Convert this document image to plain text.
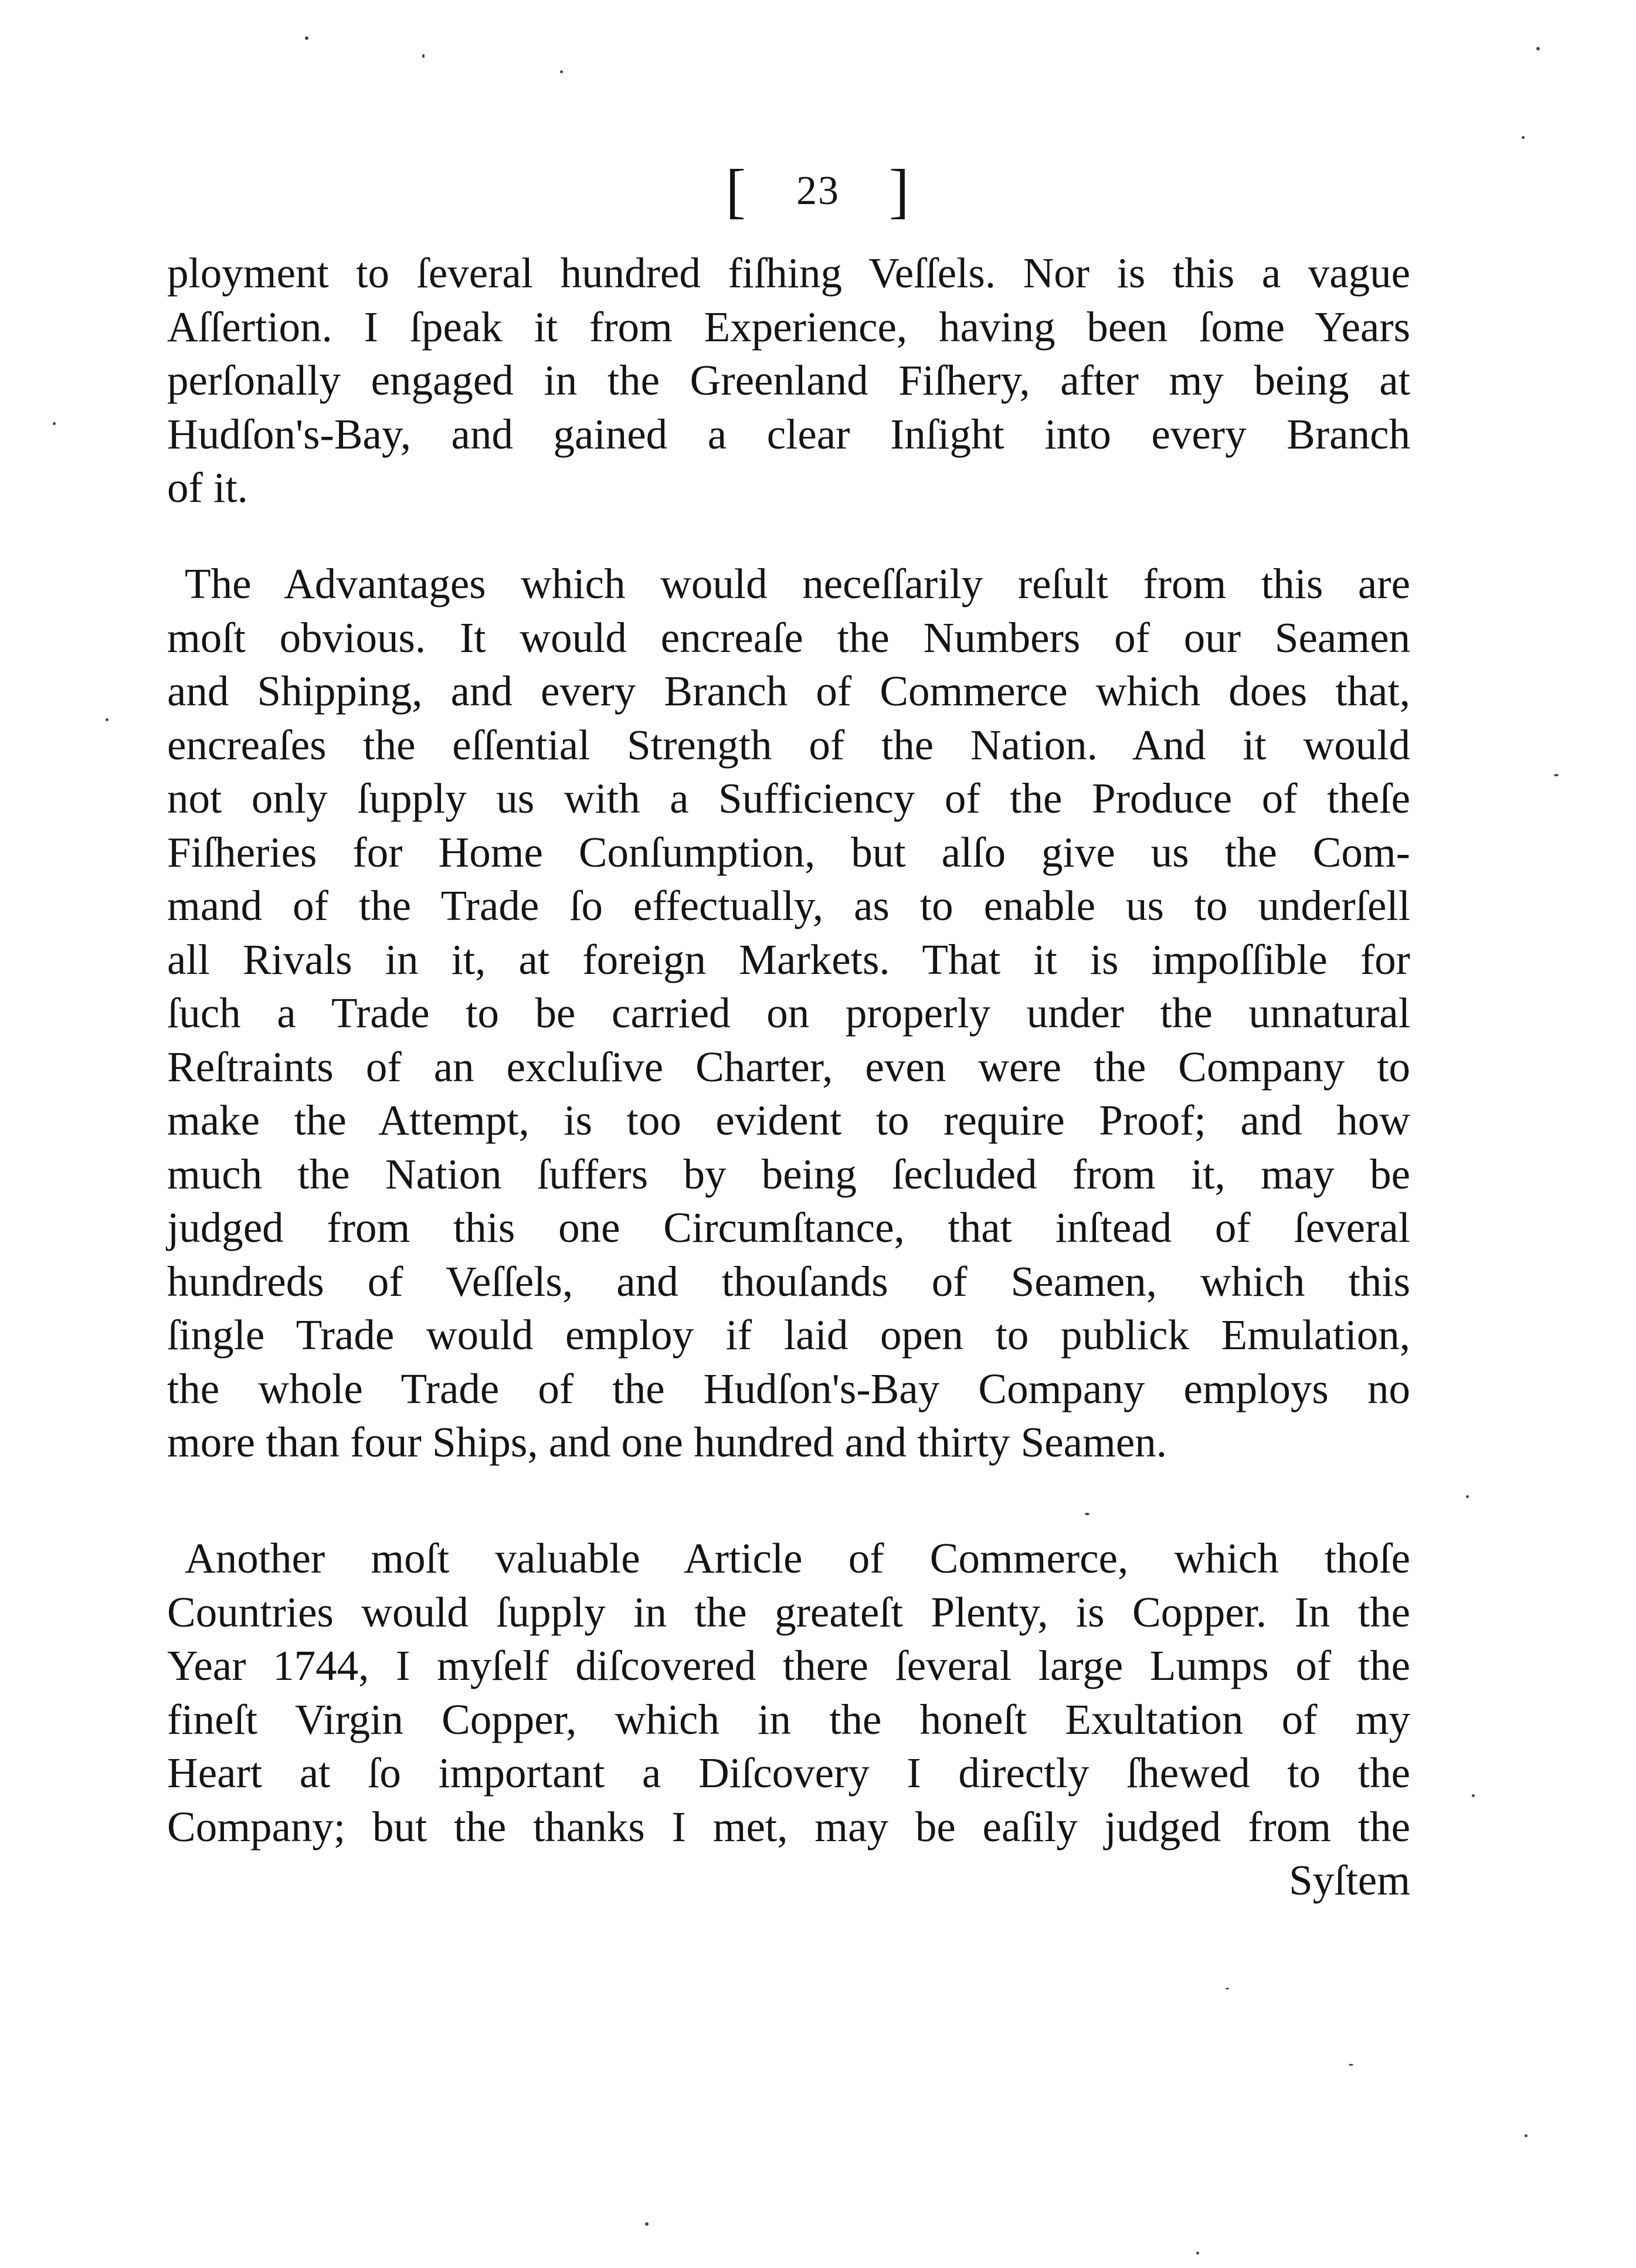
[ 23 ]
ployment to ſeveral hundred fiſhing Veſſels. Nor is this a vague
Aſſertion. I ſpeak it from Experience, having been ſome Years
perſonally engaged in the Greenland Fiſhery, after my being at
Hudſon's-Bay, and gained a clear Inſight into every Branch
of it.
The Advantages which would neceſſarily reſult from this are
moſt obvious. It would encreaſe the Numbers of our Seamen
and Shipping, and every Branch of Commerce which does that,
encreaſes the eſſential Strength of the Nation. And it would
not only ſupply us with a Sufficiency of the Produce of theſe
Fiſheries for Home Conſumption, but alſo give us the Com-
mand of the Trade ſo effectually, as to enable us to underſell
all Rivals in it, at foreign Markets. That it is impoſſible for
ſuch a Trade to be carried on properly under the unnatural
Reſtraints of an excluſive Charter, even were the Company to
make the Attempt, is too evident to require Proof; and how
much the Nation ſuffers by being ſecluded from it, may be
judged from this one Circumſtance, that inſtead of ſeveral
hundreds of Veſſels, and thouſands of Seamen, which this
ſingle Trade would employ if laid open to publick Emulation,
the whole Trade of the Hudſon's-Bay Company employs no
more than four Ships, and one hundred and thirty Seamen.
Another moſt valuable Article of Commerce, which thoſe
Countries would ſupply in the greateſt Plenty, is Copper. In the
Year 1744, I myſelf diſcovered there ſeveral large Lumps of the
fineſt Virgin Copper, which in the honeſt Exultation of my
Heart at ſo important a Diſcovery I directly ſhewed to the
Company; but the thanks I met, may be eaſily judged from the
Syſtem
